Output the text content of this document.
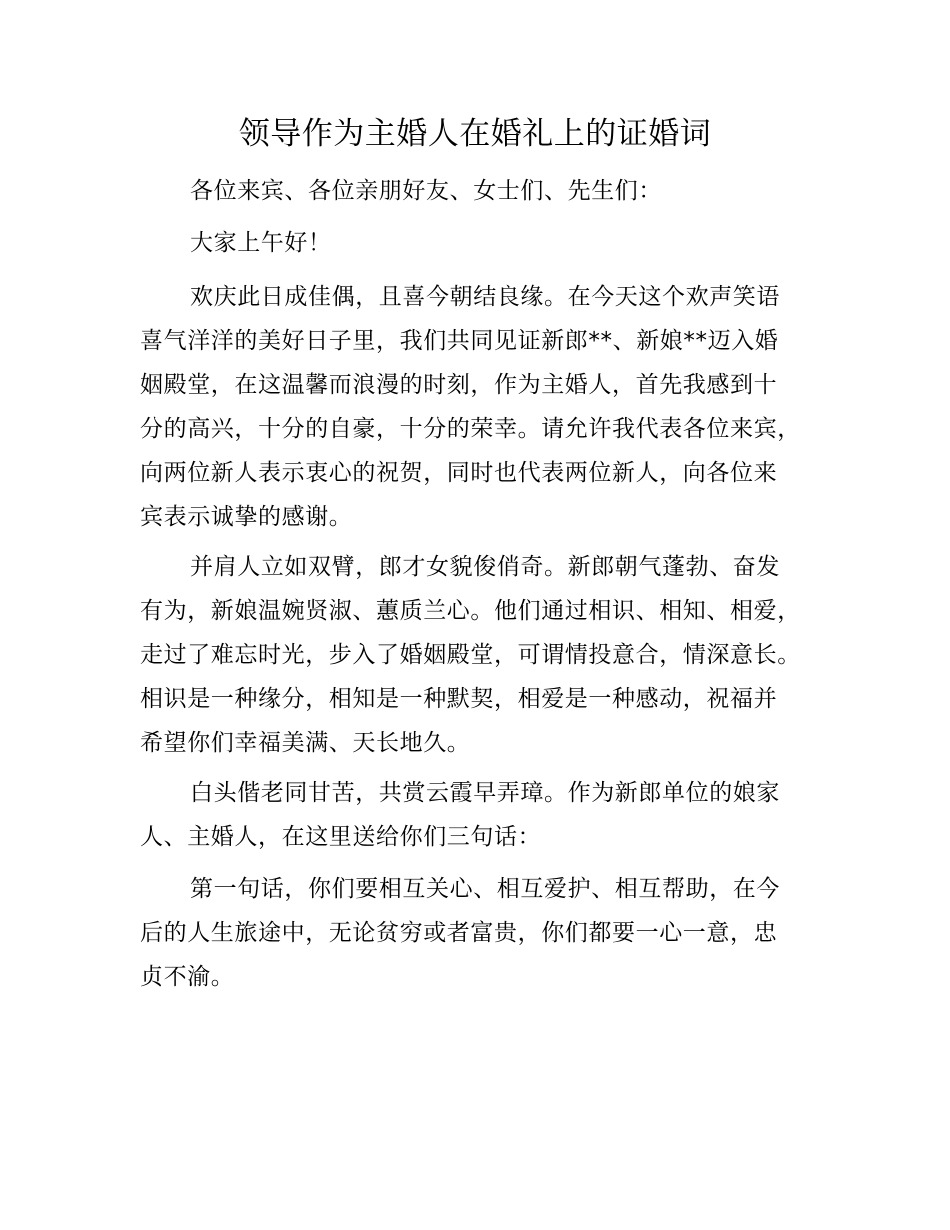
领导作为主婚人在婚礼上的证婚词
各位来宾、各位亲朋好友、女士们、先生们：
大家上午好！
欢庆此日成佳偶，且喜今朝结良缘。在今天这个欢声笑语
喜气洋洋的美好日子里，我们共同见证新郎**、新娘**迈入婚
姻殿堂，在这温馨而浪漫的时刻，作为主婚人，首先我感到十
分的高兴，十分的自豪，十分的荣幸。请允许我代表各位来宾，
向两位新人表示衷心的祝贺，同时也代表两位新人，向各位来
宾表示诚挚的感谢。
并肩人立如双臂，郎才女貌俊俏奇。新郎朝气蓬勃、奋发
有为，新娘温婉贤淑、蕙质兰心。他们通过相识、相知、相爱，
走过了难忘时光，步入了婚姻殿堂，可谓情投意合，情深意长。
相识是一种缘分，相知是一种默契，相爱是一种感动，祝福并
希望你们幸福美满、天长地久。
白头偕老同甘苦，共赏云霞早弄璋。作为新郎单位的娘家
人、主婚人，在这里送给你们三句话：
第一句话，你们要相互关心、相互爱护、相互帮助，在今
后的人生旅途中，无论贫穷或者富贵，你们都要一心一意，忠
贞不渝。
